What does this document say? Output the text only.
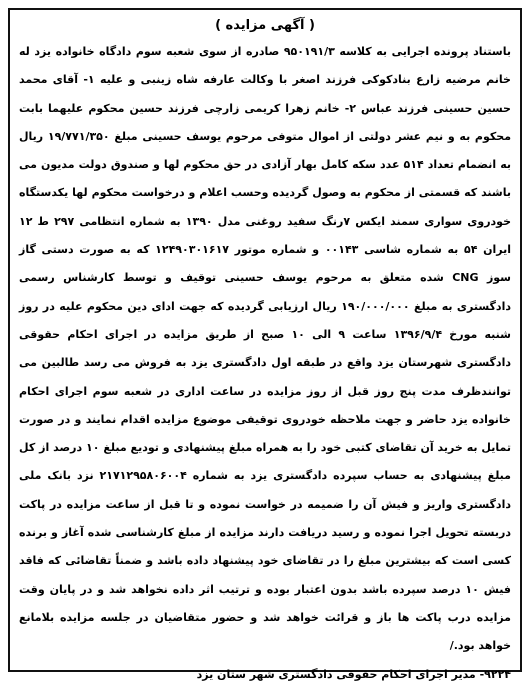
( آگهی مزایده )

باستناد پرونده اجرایی به کلاسه ۹۵۰۱۹۱/۳ صادره از سوی شعبه سوم دادگاه خانواده یزد له خانم مرضیه زارع بناد‌کوکی فرزند اصغر با وکالت عارفه شاه زینبی و علیه ۱- آقای محمد حسین حسینی فرزند عباس ۲- خانم زهرا کریمی زارچی فرزند حسین محکوم علیهما بابت محکوم به و نیم عشر دولتی از اموال متوفی مرحوم یوسف حسینی مبلغ ۱۹/۷۷۱/۳۵۰ ریال به انضمام تعداد ۵۱۴ عدد سکه کامل بهار آزادی در حق محکوم لها و صندوق دولت مدیون می باشند که قسمتی از محکوم به وصول گردیده وحسب اعلام و درخواست محکوم لها یکدستگاه خودروی سواری سمند ایکس ۷رنگ سفید روغنی مدل ۱۳۹۰ به شماره انتظامی ۲۹۷ ط ۱۲ ایران ۵۴ به شماره شاسی ۰۰۱۴۳ و شماره موتور ۱۲۴۹۰۳۰۱۶۱۷ که به صورت دستی گاز سوز CNG شده متعلق به مرحوم یوسف حسینی توقیف و توسط کارشناس رسمی دادگستری به مبلغ ۱۹۰/۰۰۰/۰۰۰ ریال ارزیابی گردیده که جهت ادای دین محکوم علیه در روز شنبه مورخ ۱۳۹۶/۹/۴ ساعت ۹ الی ۱۰ صبح از طریق مزایده در اجرای احکام حقوقی دادگستری شهرستان یزد واقع در طبقه اول دادگستری یزد به فروش می رسد طالبین می توانندظرف مدت پنج روز قبل از روز مزایده در ساعت اداری در شعبه سوم اجرای احکام خانواده یزد حاضر و جهت ملاحظه خودروی توقیفی موضوع مزایده اقدام نمایند و در صورت تمایل به خرید آن تقاضای کتبی خود را به همراه مبلغ پیشنهادی و تودیع مبلغ ۱۰ درصد از کل مبلغ پیشنهادی به حساب سپرده دادگستری یزد به شماره ۲۱۷۱۲۹۵۸۰۶۰۰۴ نزد بانک ملی دادگستری واریز و فیش آن را ضمیمه در خواست نموده و تا قبل از ساعت مزایده در پاکت دربسته تحویل اجرا نموده و رسید دریافت دارند مزایده از مبلغ کارشناسی شده آغاز و برنده کسی است که بیشترین مبلغ را در تقاضای خود پیشنهاد داده باشد و ضمناً تقاضائی که فاقد فیش ۱۰ درصد سپرده باشد بدون اعتبار بوده و ترتیب اثر داده نخواهد شد و در پایان وقت مزایده درب پاکت ها باز و قرائت خواهد شد و حضور متقاضیان در جلسه مزایده بلامانع خواهد بود./

۹۲۲۴- مدیر اجرای احکام حقوقی دادگستری شهر ستان یزد
